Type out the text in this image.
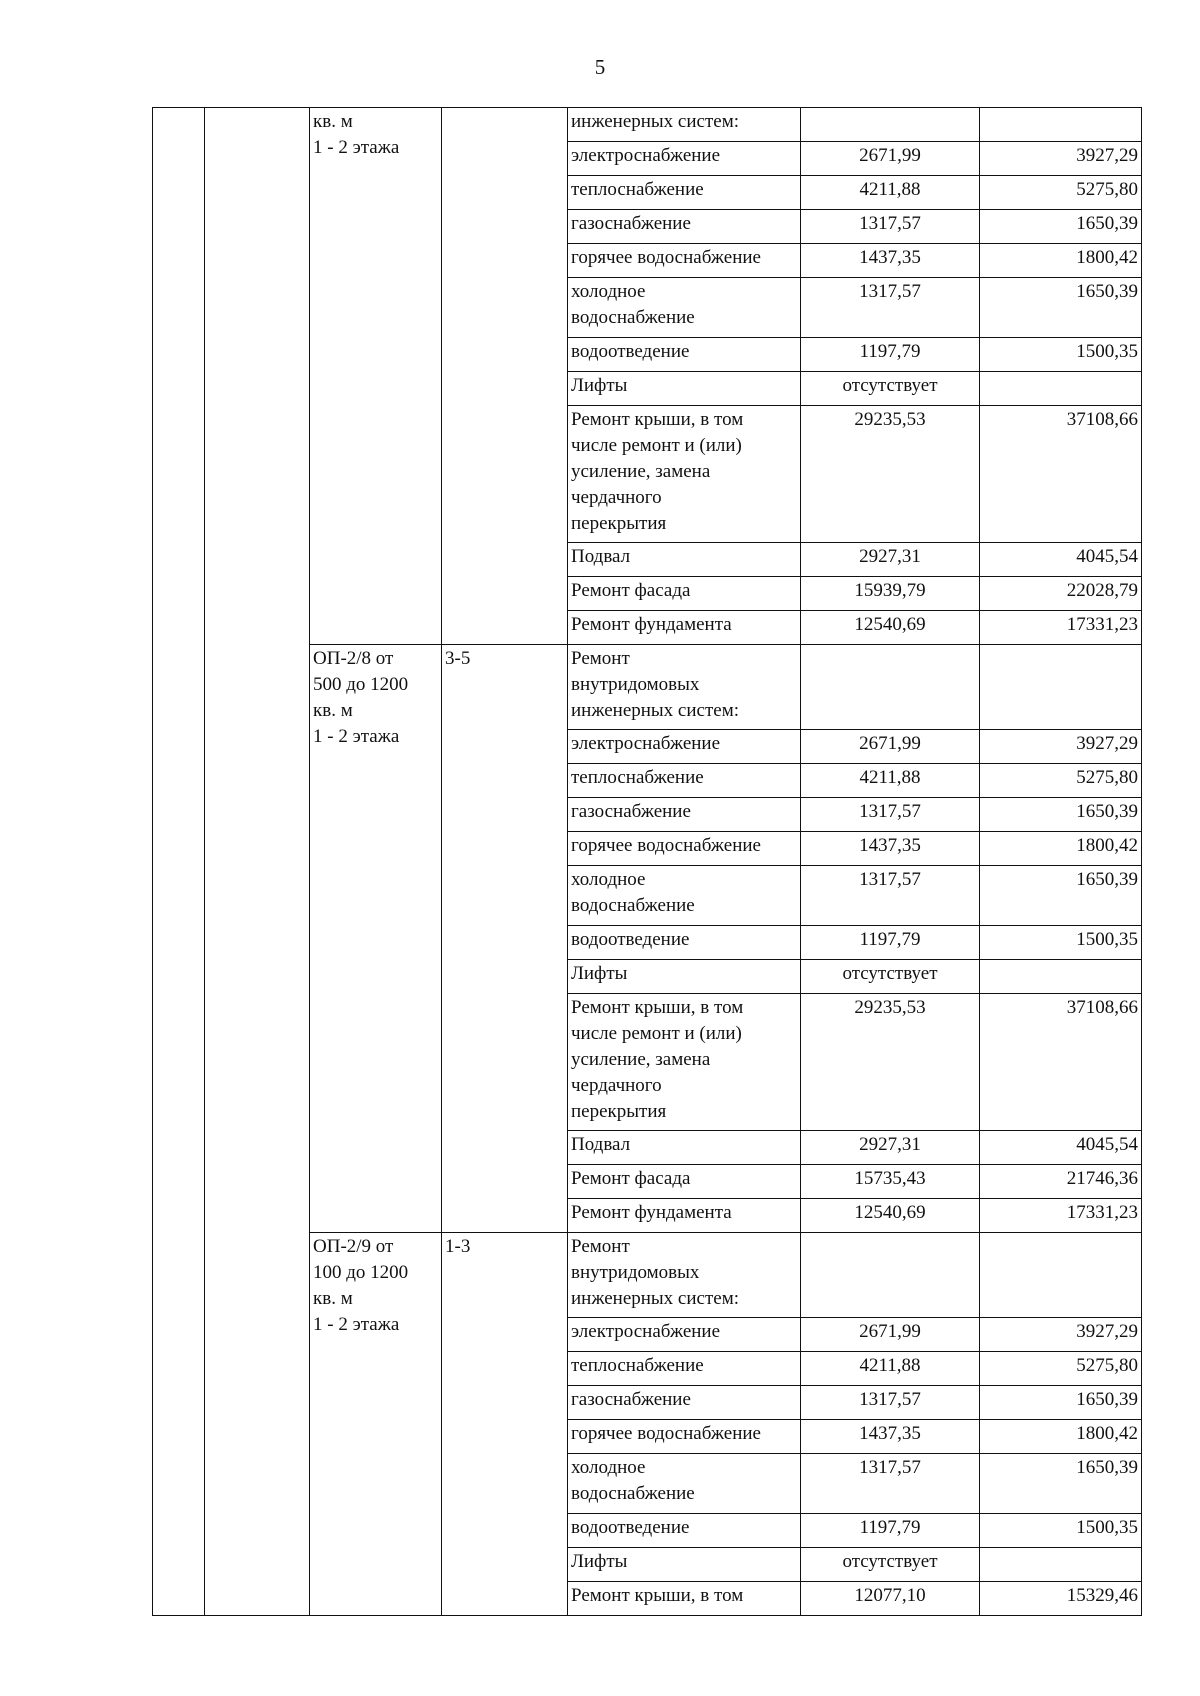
5
		кв. м
1 - 2 этажа		инженерных систем:		
				электроснабжение	2671,99	3927,29
				теплоснабжение	4211,88	5275,80
				газоснабжение	1317,57	1650,39
				горячее водоснабжение	1437,35	1800,42
				холодное
водоснабжение	1317,57	1650,39
				водоотведение	1197,79	1500,35
				Лифты	отсутствует	
				Ремонт крыши, в том
числе ремонт и (или)
усиление, замена
чердачного
перекрытия	29235,53	37108,66
				Подвал	2927,31	4045,54
				Ремонт фасада	15939,79	22028,79
				Ремонт фундамента	12540,69	17331,23
		ОП-2/8 от
500 до 1200
кв. м
1 - 2 этажа	3-5	Ремонт
внутридомовых
инженерных систем:		
				электроснабжение	2671,99	3927,29
				теплоснабжение	4211,88	5275,80
				газоснабжение	1317,57	1650,39
				горячее водоснабжение	1437,35	1800,42
				холодное
водоснабжение	1317,57	1650,39
				водоотведение	1197,79	1500,35
				Лифты	отсутствует	
				Ремонт крыши, в том
числе ремонт и (или)
усиление, замена
чердачного
перекрытия	29235,53	37108,66
				Подвал	2927,31	4045,54
				Ремонт фасада	15735,43	21746,36
				Ремонт фундамента	12540,69	17331,23
		ОП-2/9 от
100 до 1200
кв. м
1 - 2 этажа	1-3	Ремонт
внутридомовых
инженерных систем:		
				электроснабжение	2671,99	3927,29
				теплоснабжение	4211,88	5275,80
				газоснабжение	1317,57	1650,39
				горячее водоснабжение	1437,35	1800,42
				холодное
водоснабжение	1317,57	1650,39
				водоотведение	1197,79	1500,35
				Лифты	отсутствует	
				Ремонт крыши, в том	12077,10	15329,46
